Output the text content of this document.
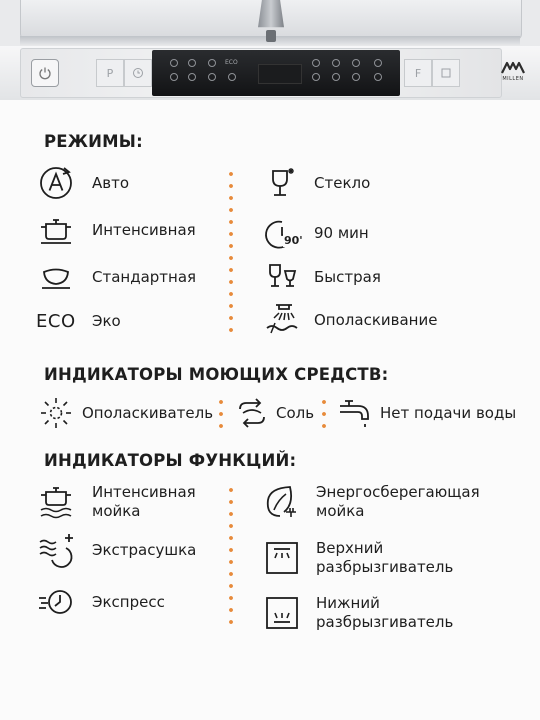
P
ECO
F	MILLEN
РЕЖИМЫ:
Авто
Интенсивная
Стандартная
ECO Эко
Стекло
90' 90 мин
Быстрая
Ополаскивание
ИНДИКАТОРЫ МОЮЩИХ СРЕДСТВ:
Ополаскиватель	Соль	Нет подачи воды
ИНДИКАТОРЫ ФУНКЦИЙ:
Интенсивная
мойка
Экстрасушка
Экспресс
Энергосберегающая
мойка
Верхний
разбрызгиватель
Нижний
разбрызгиватель
